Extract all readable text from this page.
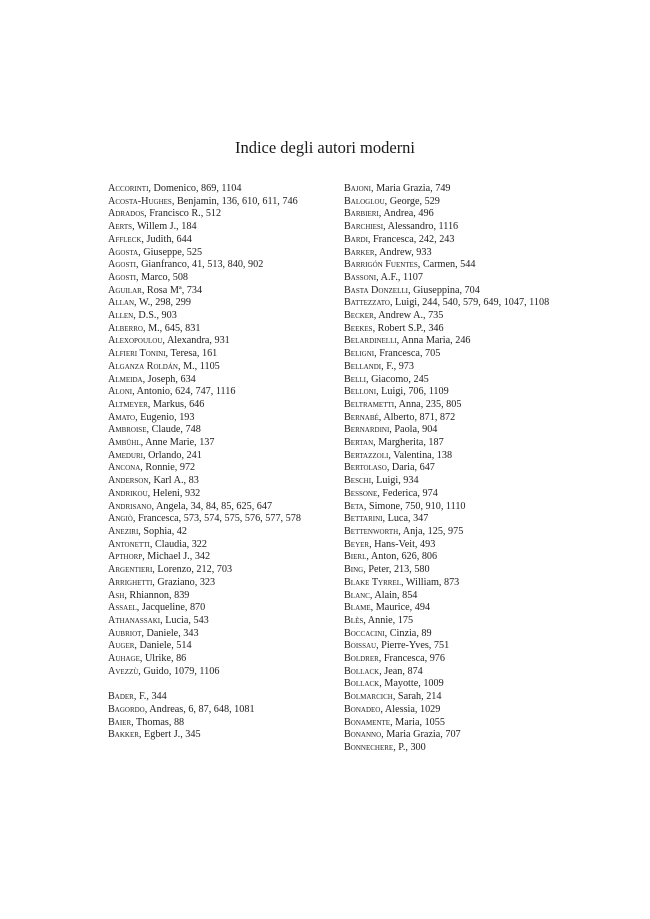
Indice degli autori moderni
Accorinti, Domenico, 869, 1104
Acosta-Hughes, Benjamin, 136, 610, 611, 746
Adrados, Francisco R., 512
Aerts, Willem J., 184
Affleck, Judith, 644
Agosta, Giuseppe, 525
Agosti, Gianfranco, 41, 513, 840, 902
Agosti, Marco, 508
Aguilar, Rosa Mª, 734
Allan, W., 298, 299
Allen, D.S., 903
Alberro, M., 645, 831
Alexopoulou, Alexandra, 931
Alfieri Tonini, Teresa, 161
Alganza Roldán, M., 1105
Almeida, Joseph, 634
Aloni, Antonio, 624, 747, 1116
Altmeyer, Markus, 646
Amato, Eugenio, 193
Ambroise, Claude, 748
Ambühl, Anne Marie, 137
Ameduri, Orlando, 241
Ancona, Ronnie, 972
Anderson, Karl A., 83
Andrikou, Heleni, 932
Andrisano, Angela, 34, 84, 85, 625, 647
Angiò, Francesca, 573, 574, 575, 576, 577, 578
Aneziri, Sophia, 42
Antonetti, Claudia, 322
Apthorp, Michael J., 342
Argentieri, Lorenzo, 212, 703
Arrighetti, Graziano, 323
Ash, Rhiannon, 839
Assael, Jacqueline, 870
Athanassaki, Lucia, 543
Aubriot, Daniele, 343
Auger, Daniele, 514
Auhage, Ulrike, 86
Avezzù, Guido, 1079, 1106
Bader, F., 344
Bagordo, Andreas, 6, 87, 648, 1081
Baier, Thomas, 88
Bakker, Egbert J., 345
Bajoni, Maria Grazia, 749
Baloglou, George, 529
Barbieri, Andrea, 496
Barchiesi, Alessandro, 1116
Bardi, Francesca, 242, 243
Barker, Andrew, 933
Barrigón Fuentes, Carmen, 544
Bassoni, A.F., 1107
Basta Donzelli, Giuseppina, 704
Battezzato, Luigi, 244, 540, 579, 649, 1047, 1108
Becker, Andrew A., 735
Beekes, Robert S.P., 346
Belardinelli, Anna Maria, 246
Beligni, Francesca, 705
Bellandi, F., 973
Belli, Giacomo, 245
Belloni, Luigi, 706, 1109
Beltrametti, Anna, 235, 805
Bernabé, Alberto, 871, 872
Bernardini, Paola, 904
Bertan, Margherita, 187
Bertazzoli, Valentina, 138
Bertolaso, Daria, 647
Beschi, Luigi, 934
Bessone, Federica, 974
Beta, Simone, 750, 910, 1110
Bettarini, Luca, 347
Bettenworth, Anja, 125, 975
Beyer, Hans-Veit, 493
Bierl, Anton, 626, 806
Bing, Peter, 213, 580
Blake Tyrrel, William, 873
Blanc, Alain, 854
Blame, Maurice, 494
Blès, Annie, 175
Boccacini, Cinzia, 89
Boissau, Pierre-Yves, 751
Boldrer, Francesca, 976
Bollack, Jean, 874
Bollack, Mayotte, 1009
Bolmarcich, Sarah, 214
Bonadeo, Alessia, 1029
Bonamente, Maria, 1055
Bonanno, Maria Grazia, 707
Bonnechere, P., 300
